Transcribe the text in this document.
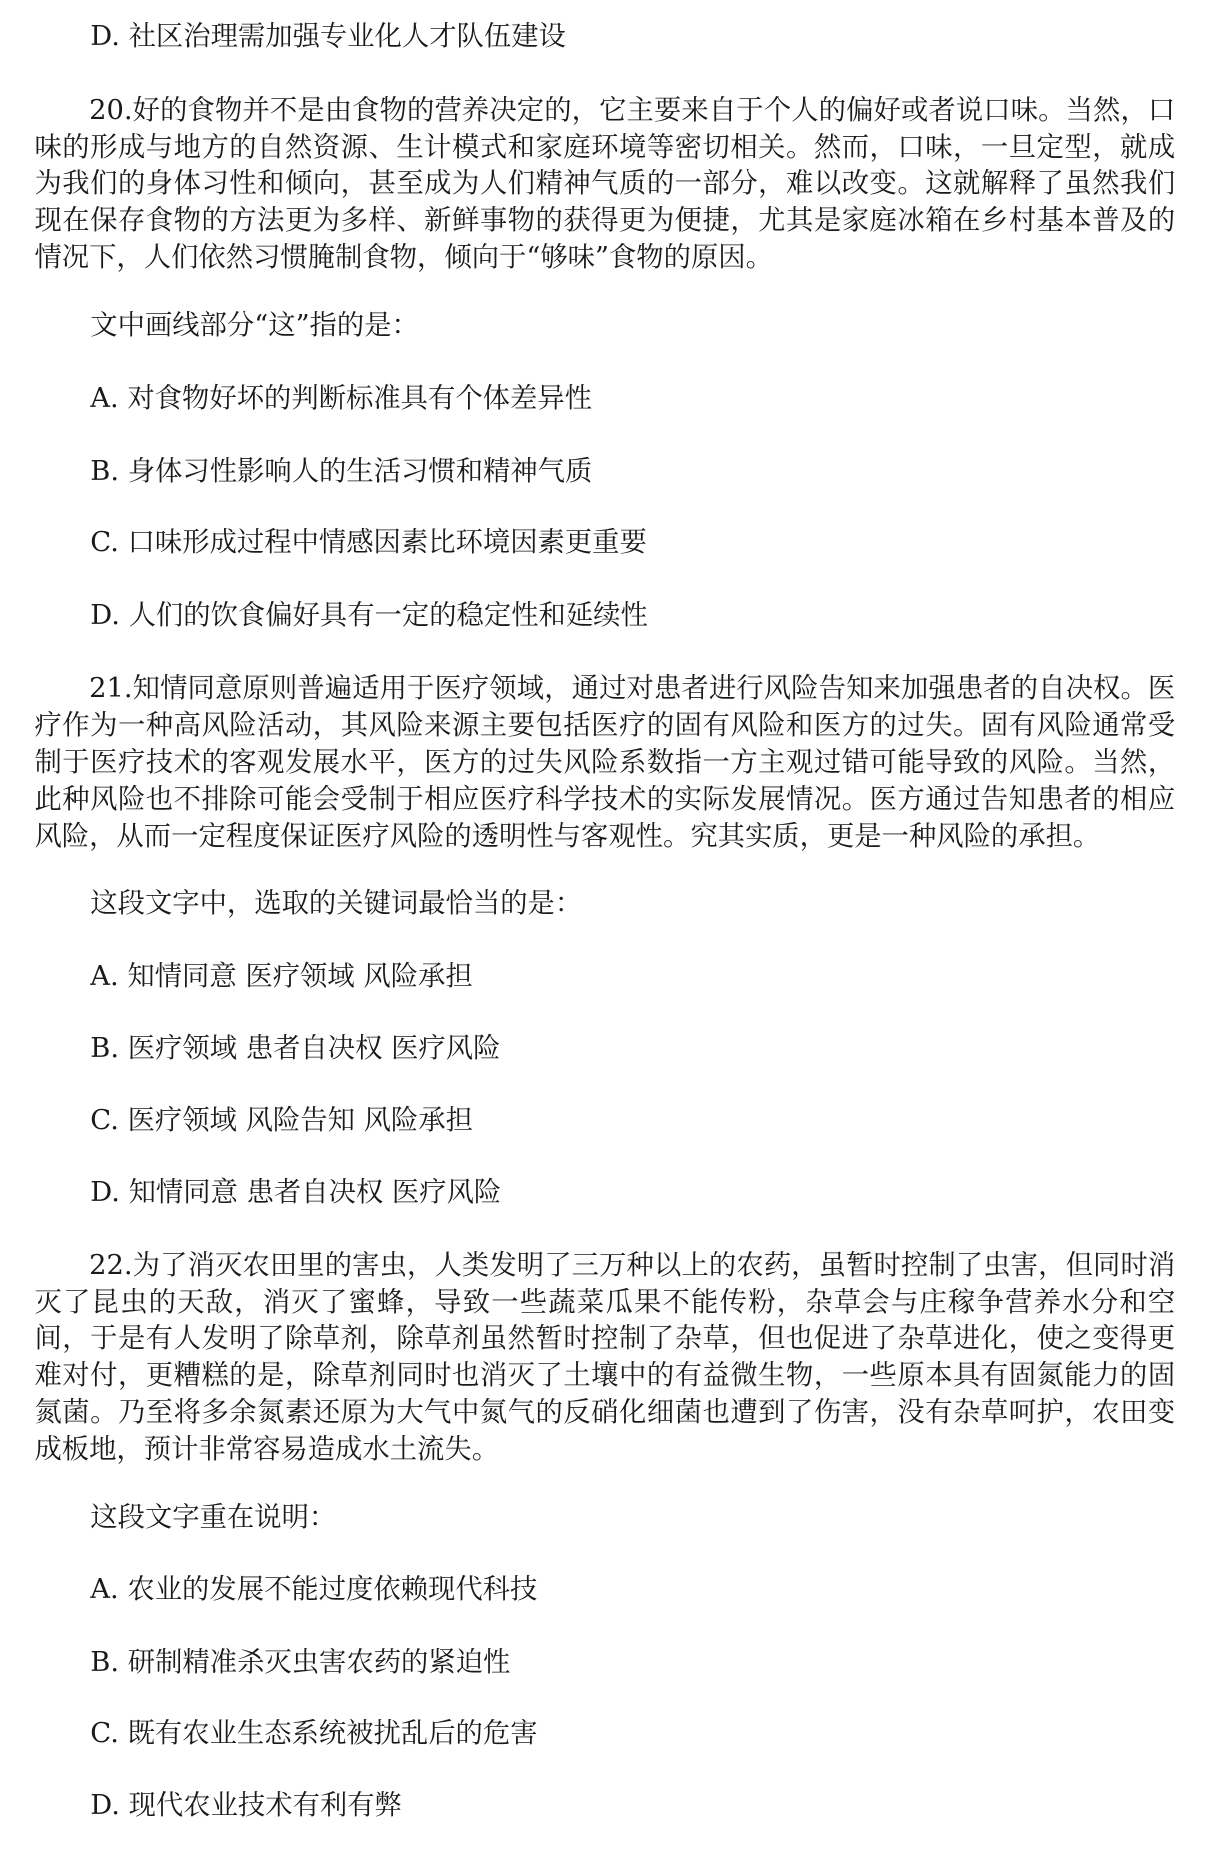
D. 社区治理需加强专业化人才队伍建设

20.好的食物并不是由食物的营养决定的，它主要来自于个人的偏好或者说口味。当然，口味的形成与地方的自然资源、生计模式和家庭环境等密切相关。然而，口味，一旦定型，就成为我们的身体习性和倾向，甚至成为人们精神气质的一部分，难以改变。这就解释了虽然我们现在保存食物的方法更为多样、新鲜事物的获得更为便捷，尤其是家庭冰箱在乡村基本普及的情况下，人们依然习惯腌制食物，倾向于“够味”食物的原因。

文中画线部分“这”指的是：

A. 对食物好坏的判断标准具有个体差异性

B. 身体习性影响人的生活习惯和精神气质

C. 口味形成过程中情感因素比环境因素更重要

D. 人们的饮食偏好具有一定的稳定性和延续性

21.知情同意原则普遍适用于医疗领域，通过对患者进行风险告知来加强患者的自决权。医疗作为一种高风险活动，其风险来源主要包括医疗的固有风险和医方的过失。固有风险通常受制于医疗技术的客观发展水平，医方的过失风险系数指一方主观过错可能导致的风险。当然，此种风险也不排除可能会受制于相应医疗科学技术的实际发展情况。医方通过告知患者的相应风险，从而一定程度保证医疗风险的透明性与客观性。究其实质，更是一种风险的承担。

这段文字中，选取的关键词最恰当的是：

A. 知情同意 医疗领域 风险承担

B. 医疗领域 患者自决权 医疗风险

C. 医疗领域 风险告知 风险承担

D. 知情同意 患者自决权 医疗风险

22.为了消灭农田里的害虫，人类发明了三万种以上的农药，虽暂时控制了虫害，但同时消灭了昆虫的天敌，消灭了蜜蜂，导致一些蔬菜瓜果不能传粉，杂草会与庄稼争营养水分和空间，于是有人发明了除草剂，除草剂虽然暂时控制了杂草，但也促进了杂草进化，使之变得更难对付，更糟糕的是，除草剂同时也消灭了土壤中的有益微生物，一些原本具有固氮能力的固氮菌。乃至将多余氮素还原为大气中氮气的反硝化细菌也遭到了伤害，没有杂草呵护，农田变成板地，预计非常容易造成水土流失。

这段文字重在说明：

A. 农业的发展不能过度依赖现代科技

B. 研制精准杀灭虫害农药的紧迫性

C. 既有农业生态系统被扰乱后的危害

D. 现代农业技术有利有弊
